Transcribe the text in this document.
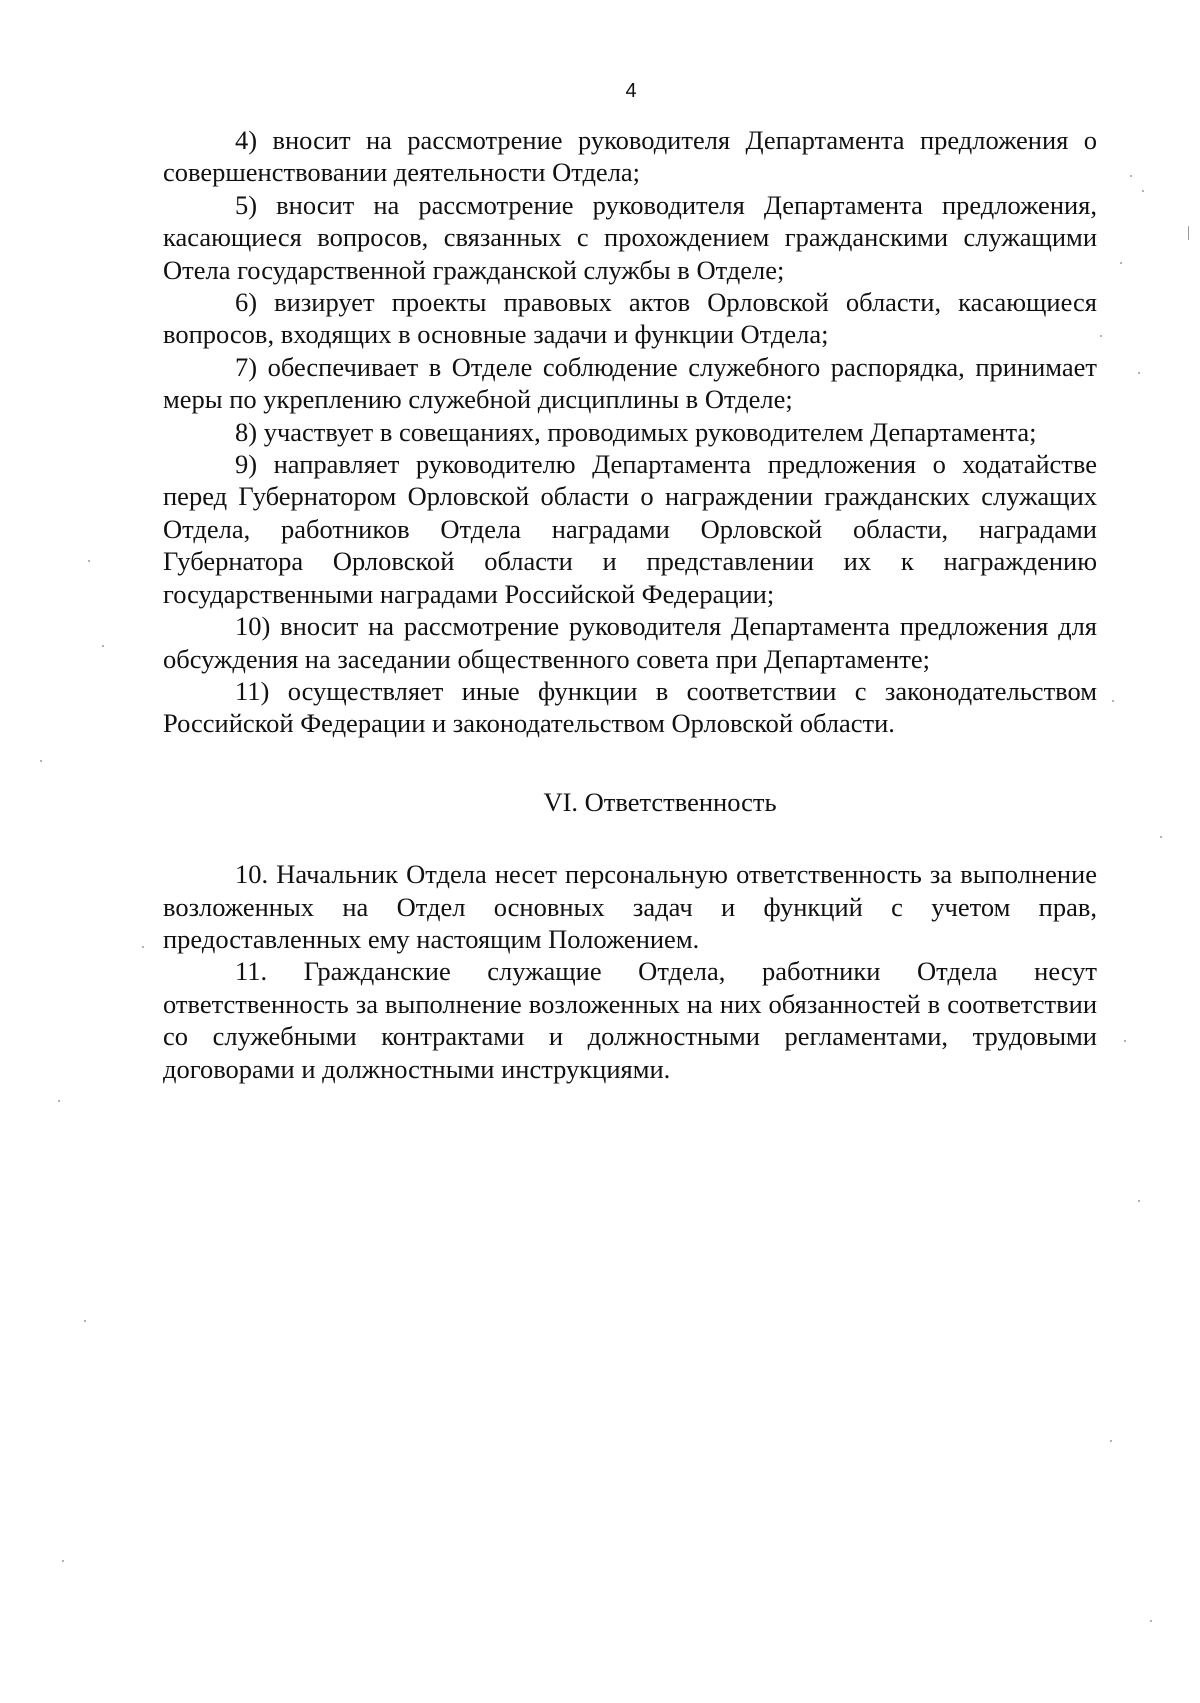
4

4) вносит на рассмотрение руководителя Департамента предложения о совершенствовании деятельности Отдела;

5) вносит на рассмотрение руководителя Департамента предложения, касающиеся вопросов, связанных с прохождением гражданскими служащими Отела государственной гражданской службы в Отделе;

6) визирует проекты правовых актов Орловской области, касающиеся вопросов, входящих в основные задачи и функции Отдела;

7) обеспечивает в Отделе соблюдение служебного распорядка, принимает меры по укреплению служебной дисциплины в Отделе;

8) участвует в совещаниях, проводимых руководителем Департамента;

9) направляет руководителю Департамента предложения о ходатайстве перед Губернатором Орловской области о награждении гражданских служащих Отдела, работников Отдела наградами Орловской области, наградами Губернатора Орловской области и представлении их к награждению государственными наградами Российской Федерации;

10) вносит на рассмотрение руководителя Департамента предложения для обсуждения на заседании общественного совета при Департаменте;

11) осуществляет иные функции в соответствии с законодательством Российской Федерации и законодательством Орловской области.

VI. Ответственность

10. Начальник Отдела несет персональную ответственность за выполнение возложенных на Отдел основных задач и функций с учетом прав, предоставленных ему настоящим Положением.

11. Гражданские служащие Отдела, работники Отдела несут ответственность за выполнение возложенных на них обязанностей в соответствии со служебными контрактами и должностными регламентами, трудовыми договорами и должностными инструкциями.
